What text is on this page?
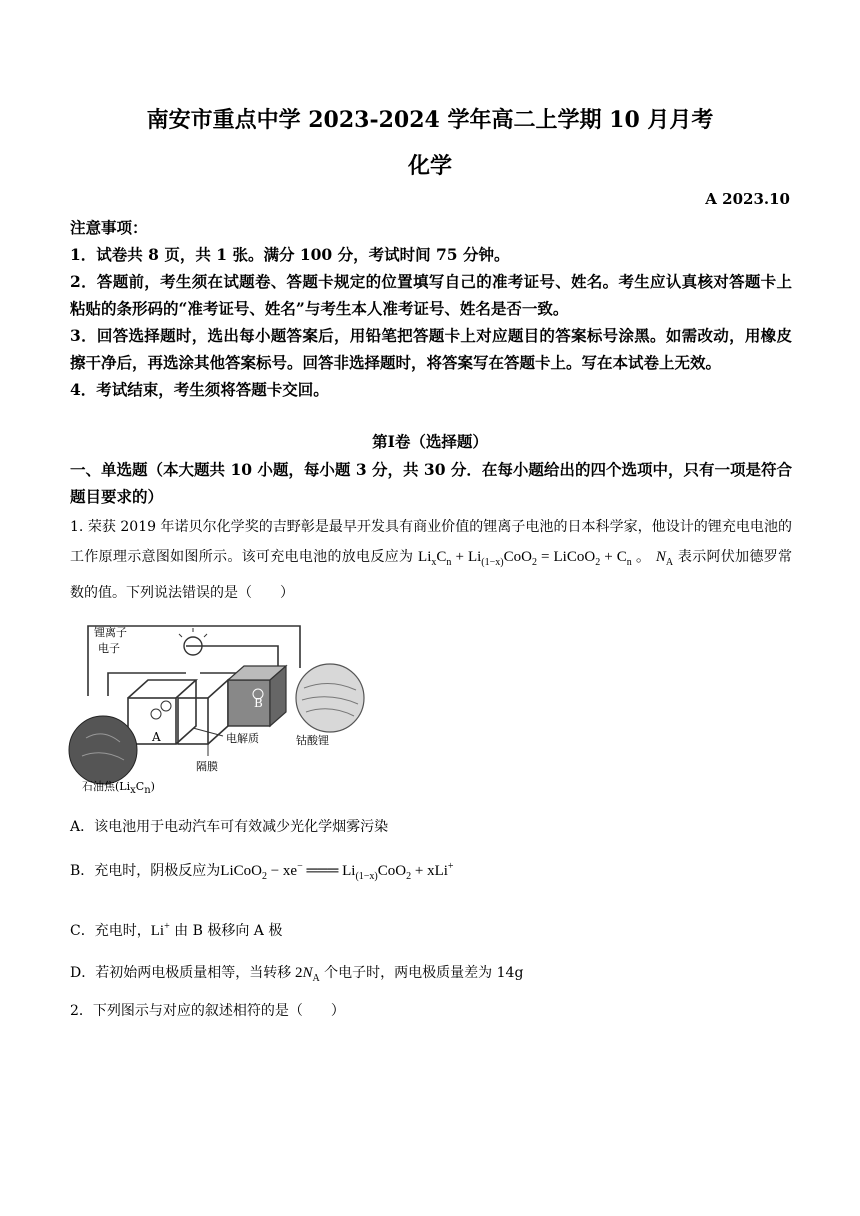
南安市重点中学 2023-2024 学年高二上学期 10 月月考
化学
A 2023.10

注意事项：

1．试卷共 8 页，共 1 张。满分 100 分，考试时间 75 分钟。

2．答题前，考生须在试题卷、答题卡规定的位置填写自己的准考证号、姓名。考生应认真核对答题卡上粘贴的条形码的“准考证号、姓名”与考生本人准考证号、姓名是否一致。

3．回答选择题时，选出每小题答案后，用铅笔把答题卡上对应题目的答案标号涂黑。如需改动，用橡皮擦干净后，再选涂其他答案标号。回答非选择题时，将答案写在答题卡上。写在本试卷上无效。

4．考试结束，考生须将答题卡交回。

第Ⅰ卷（选择题）
一、单选题（本大题共 10 小题，每小题 3 分，共 30 分．在每小题给出的四个选项中，只有一项是符合题目要求的）
1. 荣获 2019 年诺贝尔化学奖的吉野彰是最早开发具有商业价值的锂离子电池的日本科学家，他设计的锂充电电池的工作原理示意图如图所示。该可充电电池的放电反应为 $Li_xC_n + Li_{(1-x)}CoO_2$ = LiCoO$_2$ + $C_n$ 。 $N_A$ 表示阿伏加德罗常数的值。下列说法错误的是（　　）
锂离子
电子
A
B
电解质
隔膜
钴酸锂
石油焦$(Li_xC_n)$
A．该电池用于电动汽车可有效减少光化学烟雾污染
B．充电时，阴极反应为LiCoO$_2$ − xe− ═══ $Li_{(1-x)}CoO_2 + xLi^+$
C．充电时，Li+ 由 B 极移向 A 极
D．若初始两电极质量相等，当转移 $2N_A$ 个电子时，两电极质量差为 14g
2．下列图示与对应的叙述相符的是（　　）
